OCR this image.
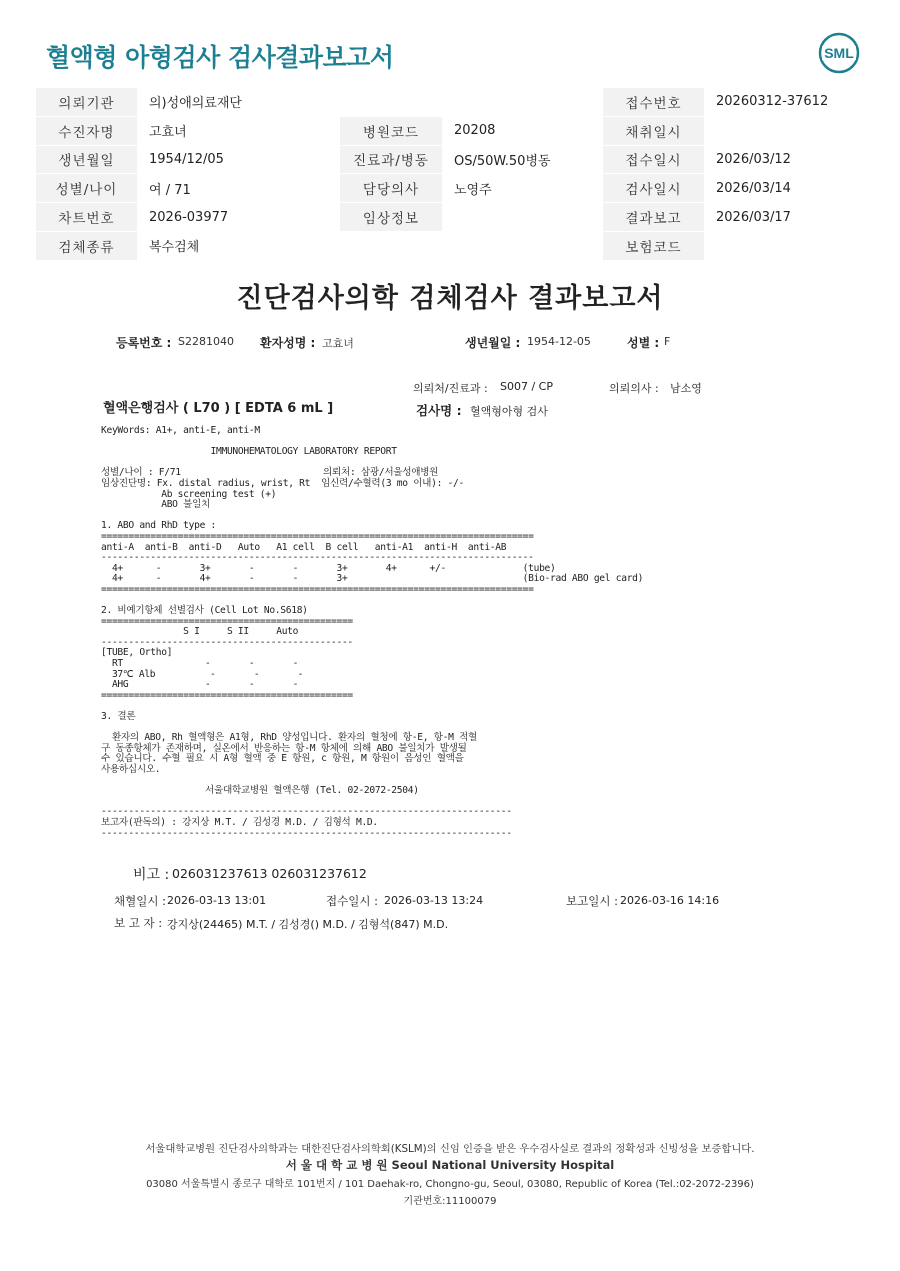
혈액형 아형검사 검사결과보고서	SML
의뢰기관	의)성애의료재단			접수번호	20260312-37612
수진자명	고효녀	병원코드	20208	채취일시	
생년월일	1954/12/05	진료과/병동	OS/50W.50병동	접수일시	2026/03/12
성별/나이	여 / 71	담당의사	노영주	검사일시	2026/03/14
차트번호	2026-03977	임상정보		결과보고	2026/03/17
검체종류	복수검체			보험코드	
진단검사의학 검체검사 결과보고서
등록번호 : S2281040 환자성명 : 고효녀	생년월일 : 1954-12-05	성별 : F
의뢰처/진료과 : S007 / CP	의뢰의사 : 남소영
혈액은행검사 ( L70 ) [ EDTA 6 mL ]	검사명 : 혈액형아형 검사
KeyWords: A1+, anti-E, anti-M
IMMUNOHEMATOLOGY LABORATORY REPORT
성별/나이 : F/71                          의뢰처: 삼광/서울성애병원
임상진단명: Fx. distal radius, wrist, Rt  임신력/수혈력(3 mo 이내): -/-
Ab screening test (+)
ABO 불일치
1. ABO and RhD type :
===============================================================================
anti-A  anti-B  anti-D   Auto   A1 cell  B cell   anti-A1  anti-H  anti-AB
-------------------------------------------------------------------------------
4+      -       3+       -       -       3+       4+      +/-              (tube)
4+      -       4+       -       -       3+                                (Bio-rad ABO gel card)
===============================================================================
2. 비예기항체 선별검사 (Cell Lot No.S618)
==============================================
S I     S II     Auto
----------------------------------------------
[TUBE, Ortho]
RT               -       -       -
37℃ Alb          -       -       -
AHG              -       -       -
==============================================
3. 결론
환자의 ABO, Rh 혈액형은 A1형, RhD 양성입니다. 환자의 혈청에 항-E, 항-M 적혈
구 동종항체가 존재하며, 실온에서 반응하는 항-M 항체에 의해 ABO 불일치가 발생될
수 있습니다. 수혈 필요 시 A형 혈액 중 E 항원, c 항원, M 항원이 음성인 혈액을
사용하십시오.
서울대학교병원 혈액은행 (Tel. 02-2072-2504)
---------------------------------------------------------------------------
보고자(판독의) : 강지상 M.T. / 김성경 M.D. / 김형석 M.D.
---------------------------------------------------------------------------
비고 : 026031237613 026031237612
채혈일시 : 2026-03-13 13:01	접수일시 : 2026-03-13 13:24	보고일시 : 2026-03-16 14:16
보 고 자 : 강지상(24465) M.T. / 김성경() M.D. / 김형석(847) M.D.
서울대학교병원 진단검사의학과는 대한진단검사의학회(KSLM)의 신임 인증을 받은 우수검사실로 결과의 정확성과 신빙성을 보증합니다.
서 울 대 학 교 병 원 Seoul National University Hospital
03080 서울특별시 종로구 대학로 101번지 / 101 Daehak-ro, Chongno-gu, Seoul, 03080, Republic of Korea (Tel.:02-2072-2396)
기관번호:11100079
